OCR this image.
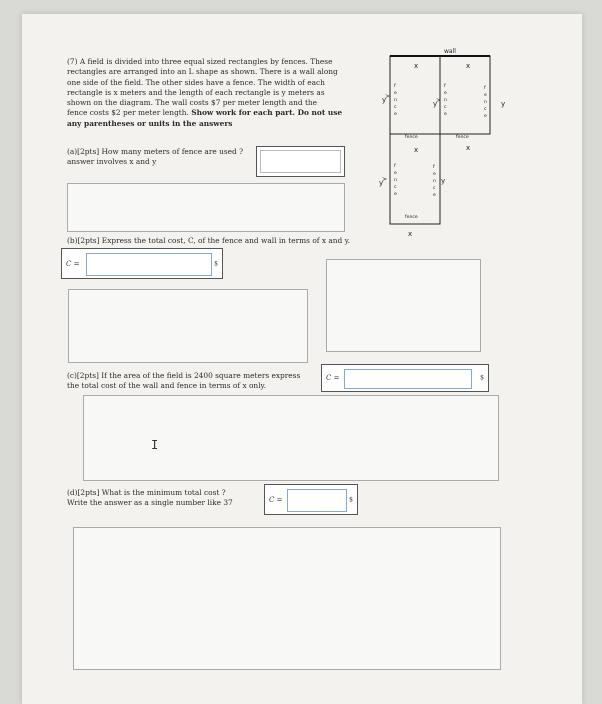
(7) A field is divided into three equal sized rectangles by fences. These
rectangles are arranged into an L shape as shown. There is a wall along
one side of the field. The other sides have a fence. The width of each
rectangle is x meters and the length of each rectangle is y meters as
shown on the diagram. The wall costs $7 per meter length and the
fence costs $2 per meter length. Show work for each part. Do not use any parentheses or units in the answers
wall
x	x
x	x
x
y	y	y
y	y
>
>
>
f
e
n
c
e
f
e
n
c
e
f
e
n
c
e
f
e
n
c
e
f
e
n
c
e
fence	fence
fence
(a)[2pts] How many meters of fence are used ?
answer involves x and y
(b)[2pts] Express the total cost, C, of the fence and wall in terms of x and y.
C =	$
(c)[2pts] If the area of the field is 2400 square meters express
the total cost of the wall and fence in terms of x only.
C =	$
I
(d)[2pts] What is the minimum total cost ?
Write the answer as a single number like 37	C =	$
